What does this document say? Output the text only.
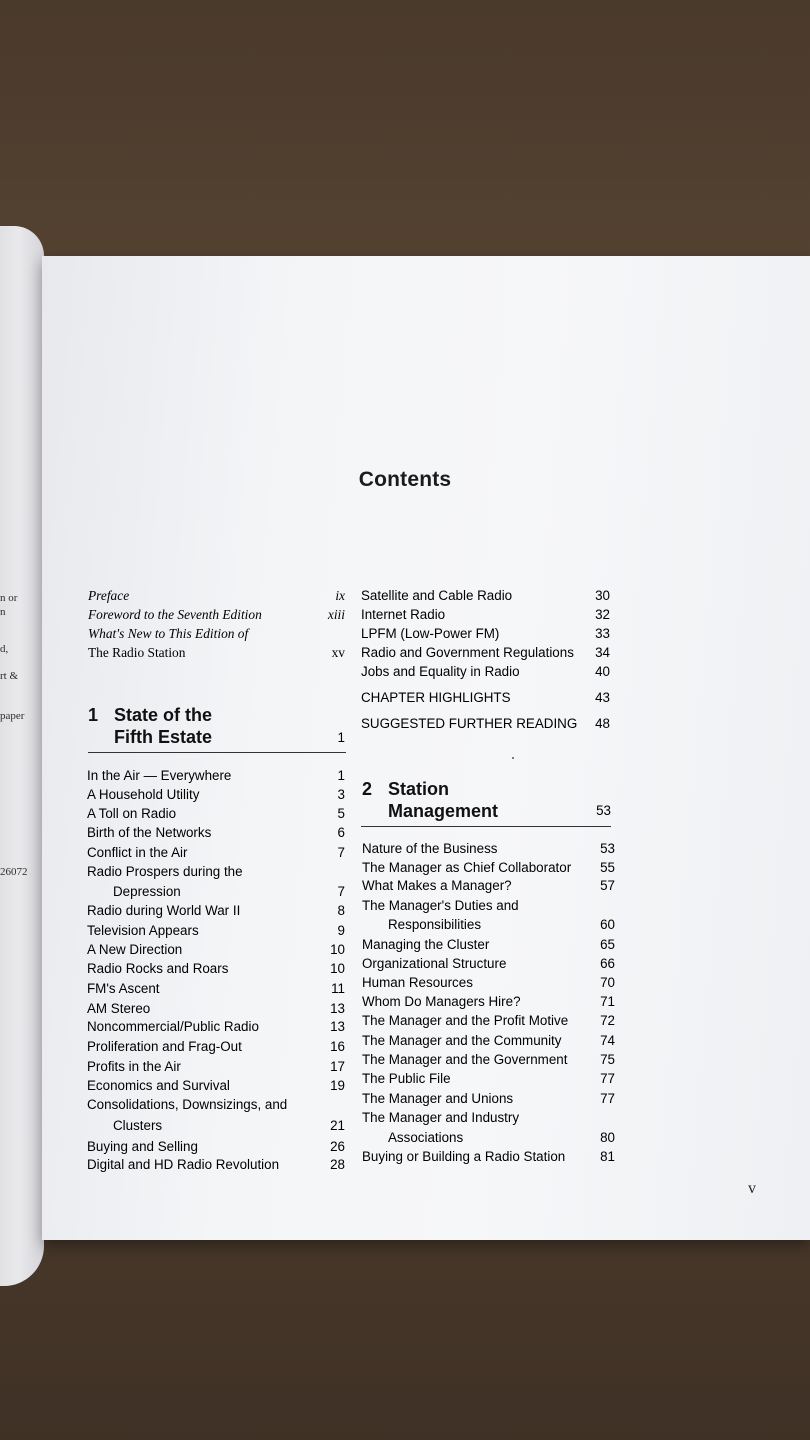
n or
n
d,
rt &
paper
26072
Contents
Preface	ix
Foreword to the Seventh Edition	xiii
What's New to This Edition of
The Radio Station	xv
1 State of the
Fifth Estate	1
In the Air — Everywhere	1
A Household Utility	3
A Toll on Radio	5
Birth of the Networks	6
Conflict in the Air	7
Radio Prospers during the
Depression	7
Radio during World War II	8
Television Appears	9
A New Direction	10
Radio Rocks and Roars	10
FM's Ascent	11
AM Stereo	13
Noncommercial/Public Radio	13
Proliferation and Frag-Out	16
Profits in the Air	17
Economics and Survival	19
Consolidations, Downsizings, and
Clusters	21
Buying and Selling	26
Digital and HD Radio Revolution	28
Satellite and Cable Radio	30
Internet Radio	32
LPFM (Low-Power FM)	33
Radio and Government Regulations	34
Jobs and Equality in Radio	40
CHAPTER HIGHLIGHTS	43
SUGGESTED FURTHER READING	48
2 Station
Management	53
Nature of the Business	53
The Manager as Chief Collaborator	55
What Makes a Manager?	57
The Manager's Duties and
Responsibilities	60
Managing the Cluster	65
Organizational Structure	66
Human Resources	70
Whom Do Managers Hire?	71
The Manager and the Profit Motive	72
The Manager and the Community	74
The Manager and the Government	75
The Public File	77
The Manager and Unions	77
The Manager and Industry
Associations	80
Buying or Building a Radio Station	81
v
